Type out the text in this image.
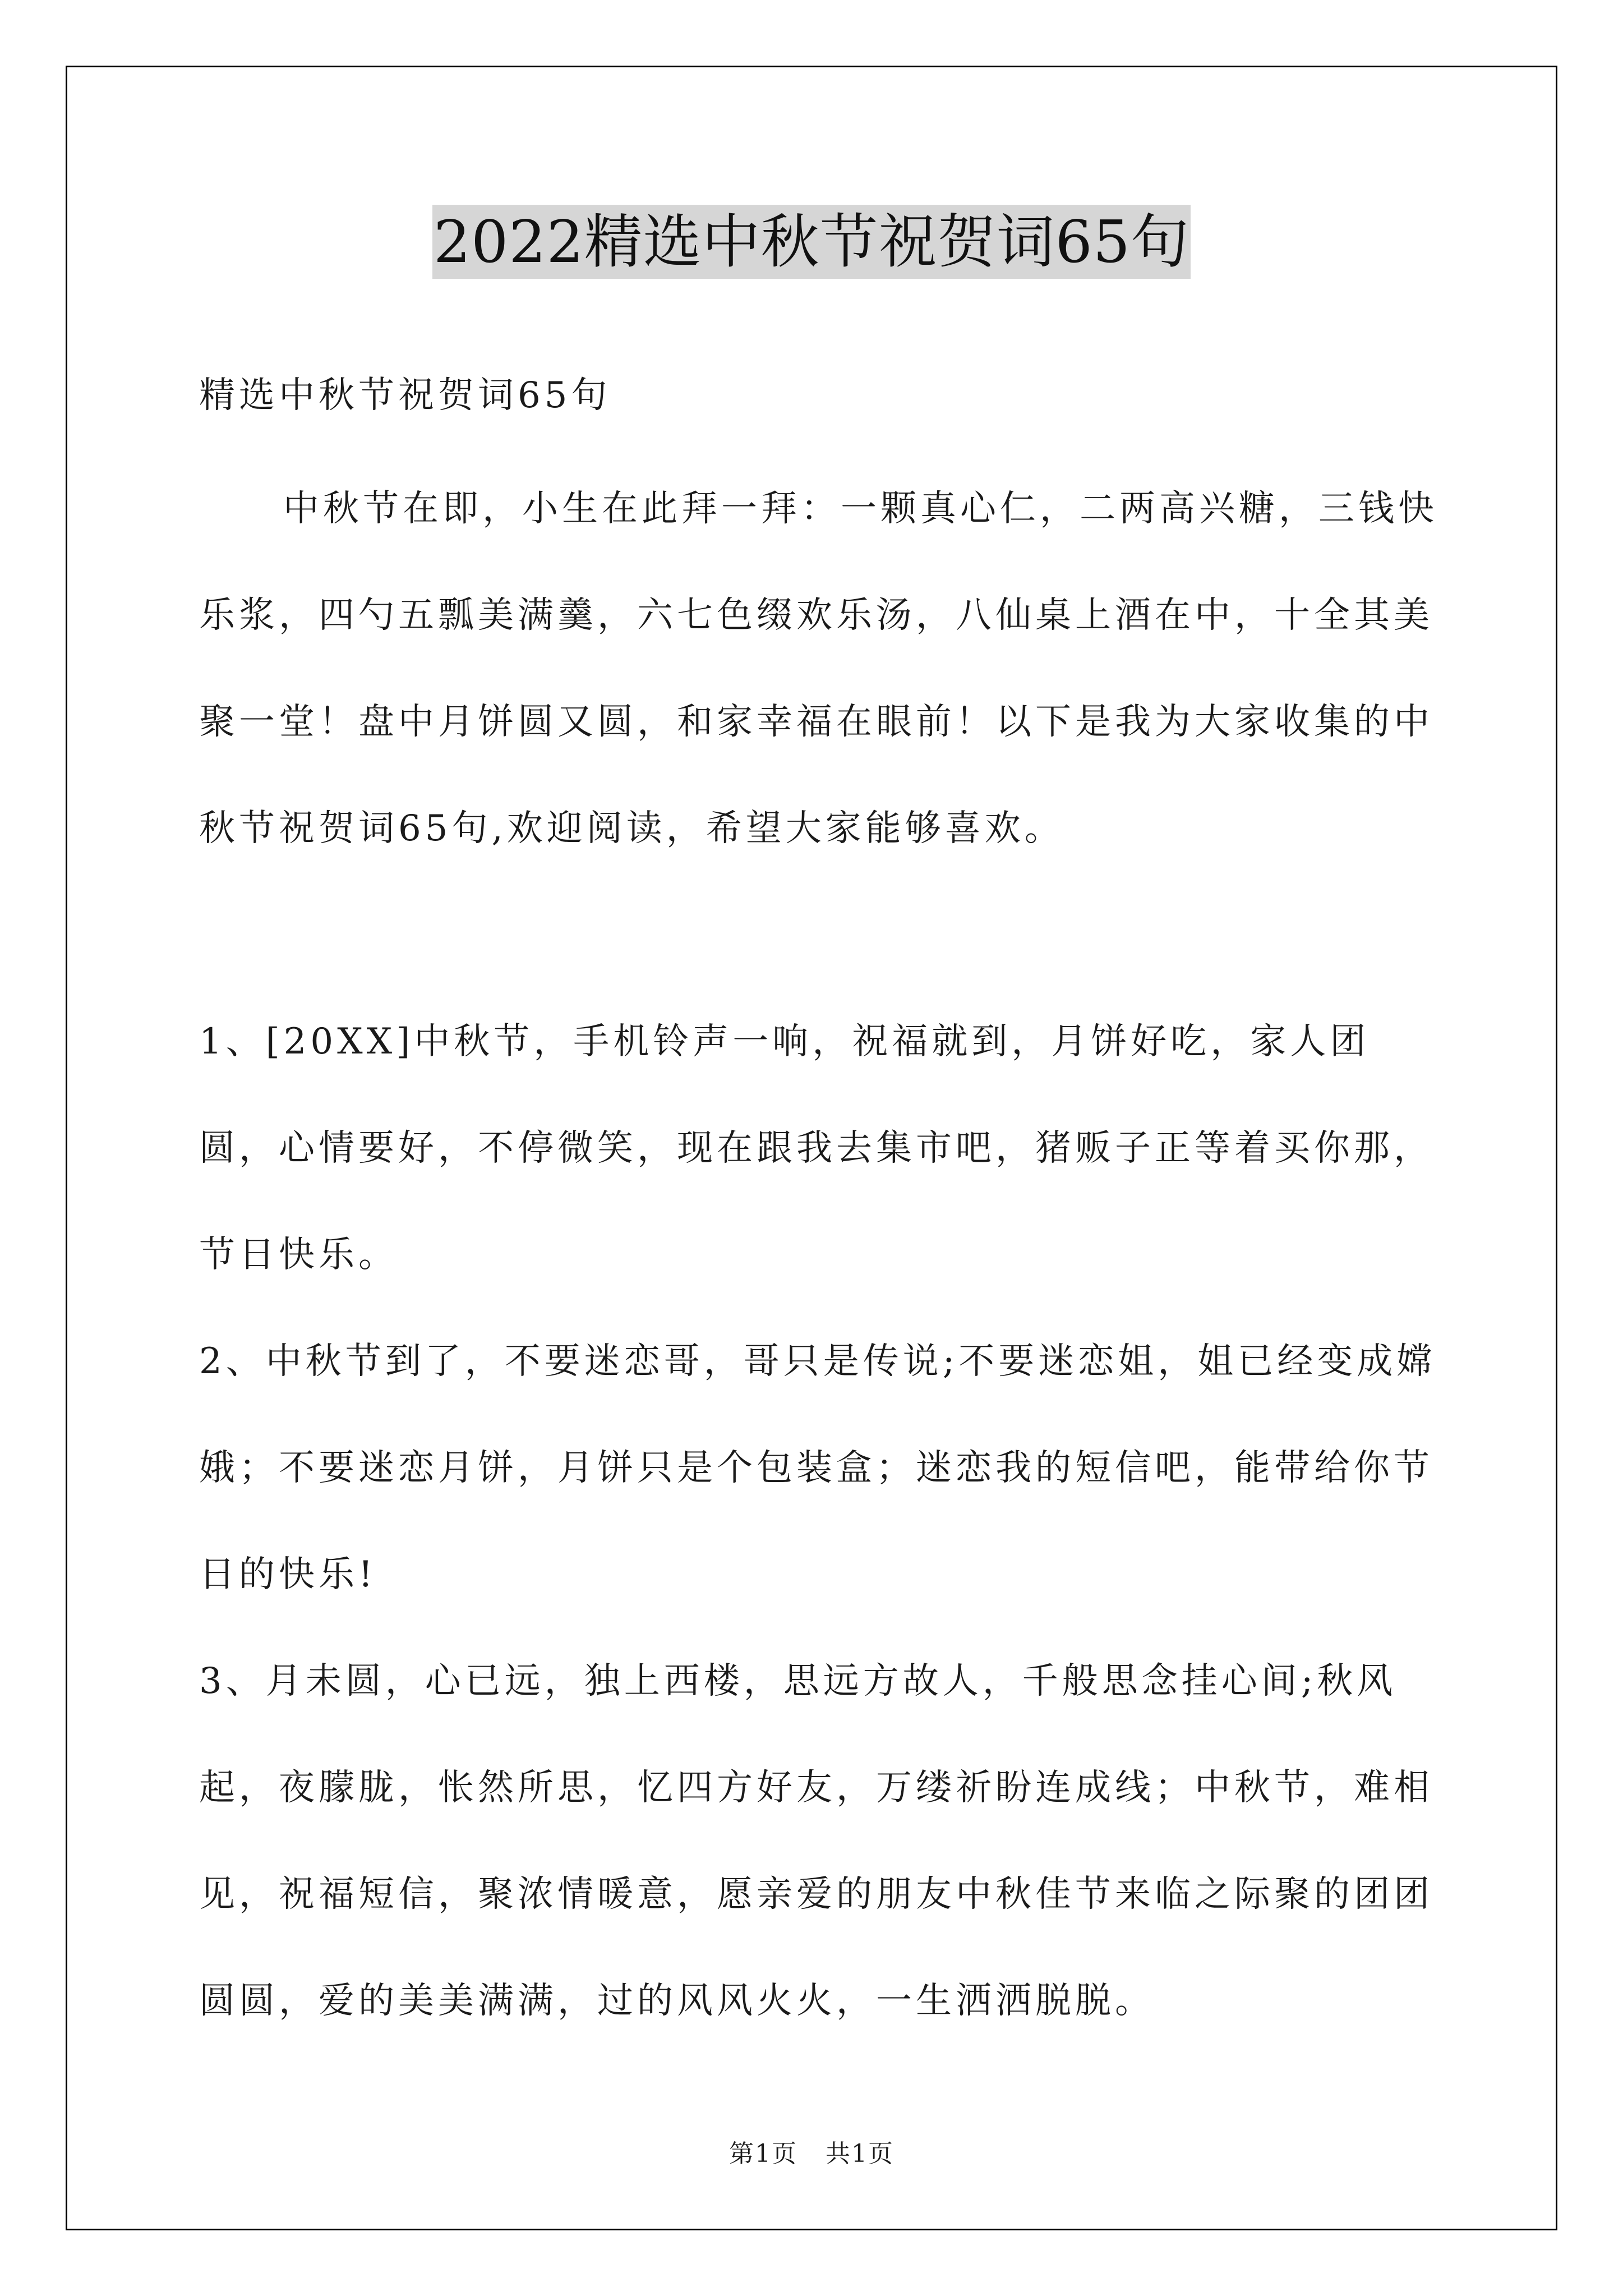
2022精选中秋节祝贺词65句

精选中秋节祝贺词65句

中秋节在即，小生在此拜一拜：一颗真心仁，二两高兴糖，三钱快乐浆，四勺五瓢美满羹，六七色缀欢乐汤，八仙桌上酒在中，十全其美聚一堂！盘中月饼圆又圆，和家幸福在眼前！以下是我为大家收集的中秋节祝贺词65句,欢迎阅读，希望大家能够喜欢。

1、[20XX]中秋节，手机铃声一响，祝福就到，月饼好吃，家人团圆，心情要好，不停微笑，现在跟我去集市吧，猪贩子正等着买你那，节日快乐。

2、中秋节到了，不要迷恋哥，哥只是传说;不要迷恋姐，姐已经变成嫦娥；不要迷恋月饼，月饼只是个包装盒；迷恋我的短信吧，能带给你节日的快乐!

3、月未圆，心已远，独上西楼，思远方故人，千般思念挂心间;秋风起，夜朦胧，怅然所思，忆四方好友，万缕祈盼连成线；中秋节，难相见，祝福短信，聚浓情暖意，愿亲爱的朋友中秋佳节来临之际聚的团团圆圆，爱的美美满满，过的风风火火，一生洒洒脱脱。

第1页 共1页
